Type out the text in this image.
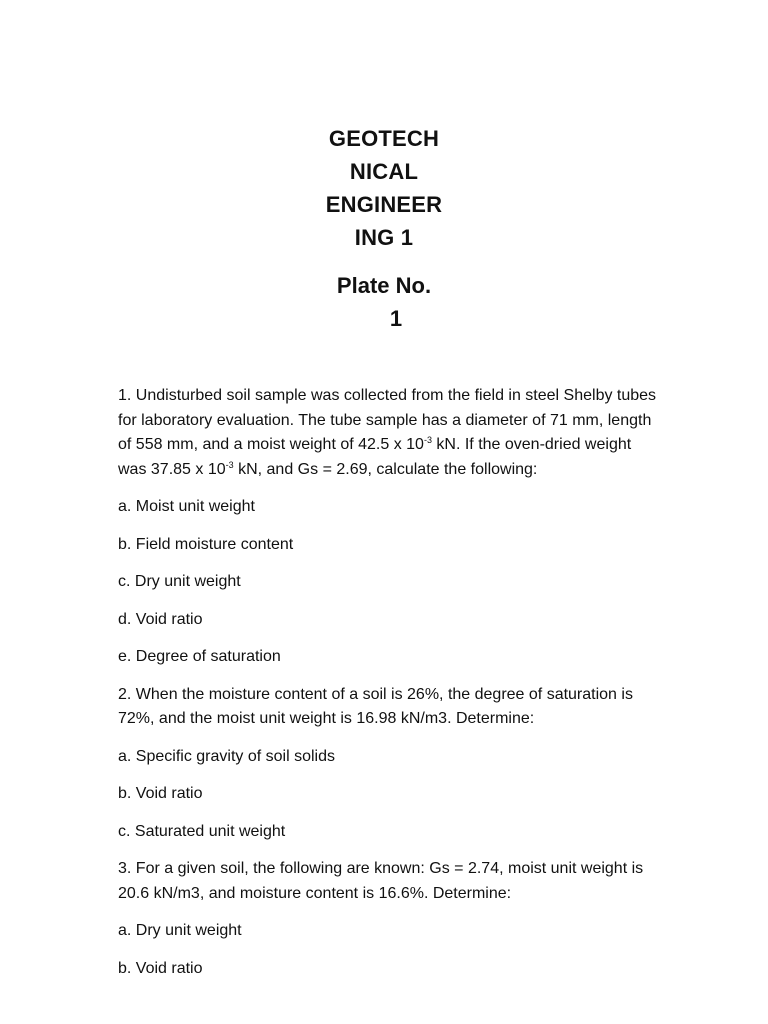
GEOTECH
NICAL
ENGINEER
ING 1
Plate No.
1

1. Undisturbed soil sample was collected from the field in steel Shelby tubes for laboratory evaluation. The tube sample has a diameter of 71 mm, length of 558 mm, and a moist weight of 42.5 x $10^{-3}$ kN. If the oven-dried weight was 37.85 x $10^{-3}$ kN, and Gs = 2.69, calculate the following:

a. Moist unit weight

b. Field moisture content

c. Dry unit weight

d. Void ratio

e. Degree of saturation

2. When the moisture content of a soil is 26%, the degree of saturation is 72%, and the moist unit weight is 16.98 kN/m3. Determine:

a. Specific gravity of soil solids

b. Void ratio

c. Saturated unit weight

3. For a given soil, the following are known: Gs = 2.74, moist unit weight is 20.6 kN/m3, and moisture content is 16.6%. Determine:

a. Dry unit weight

b. Void ratio
